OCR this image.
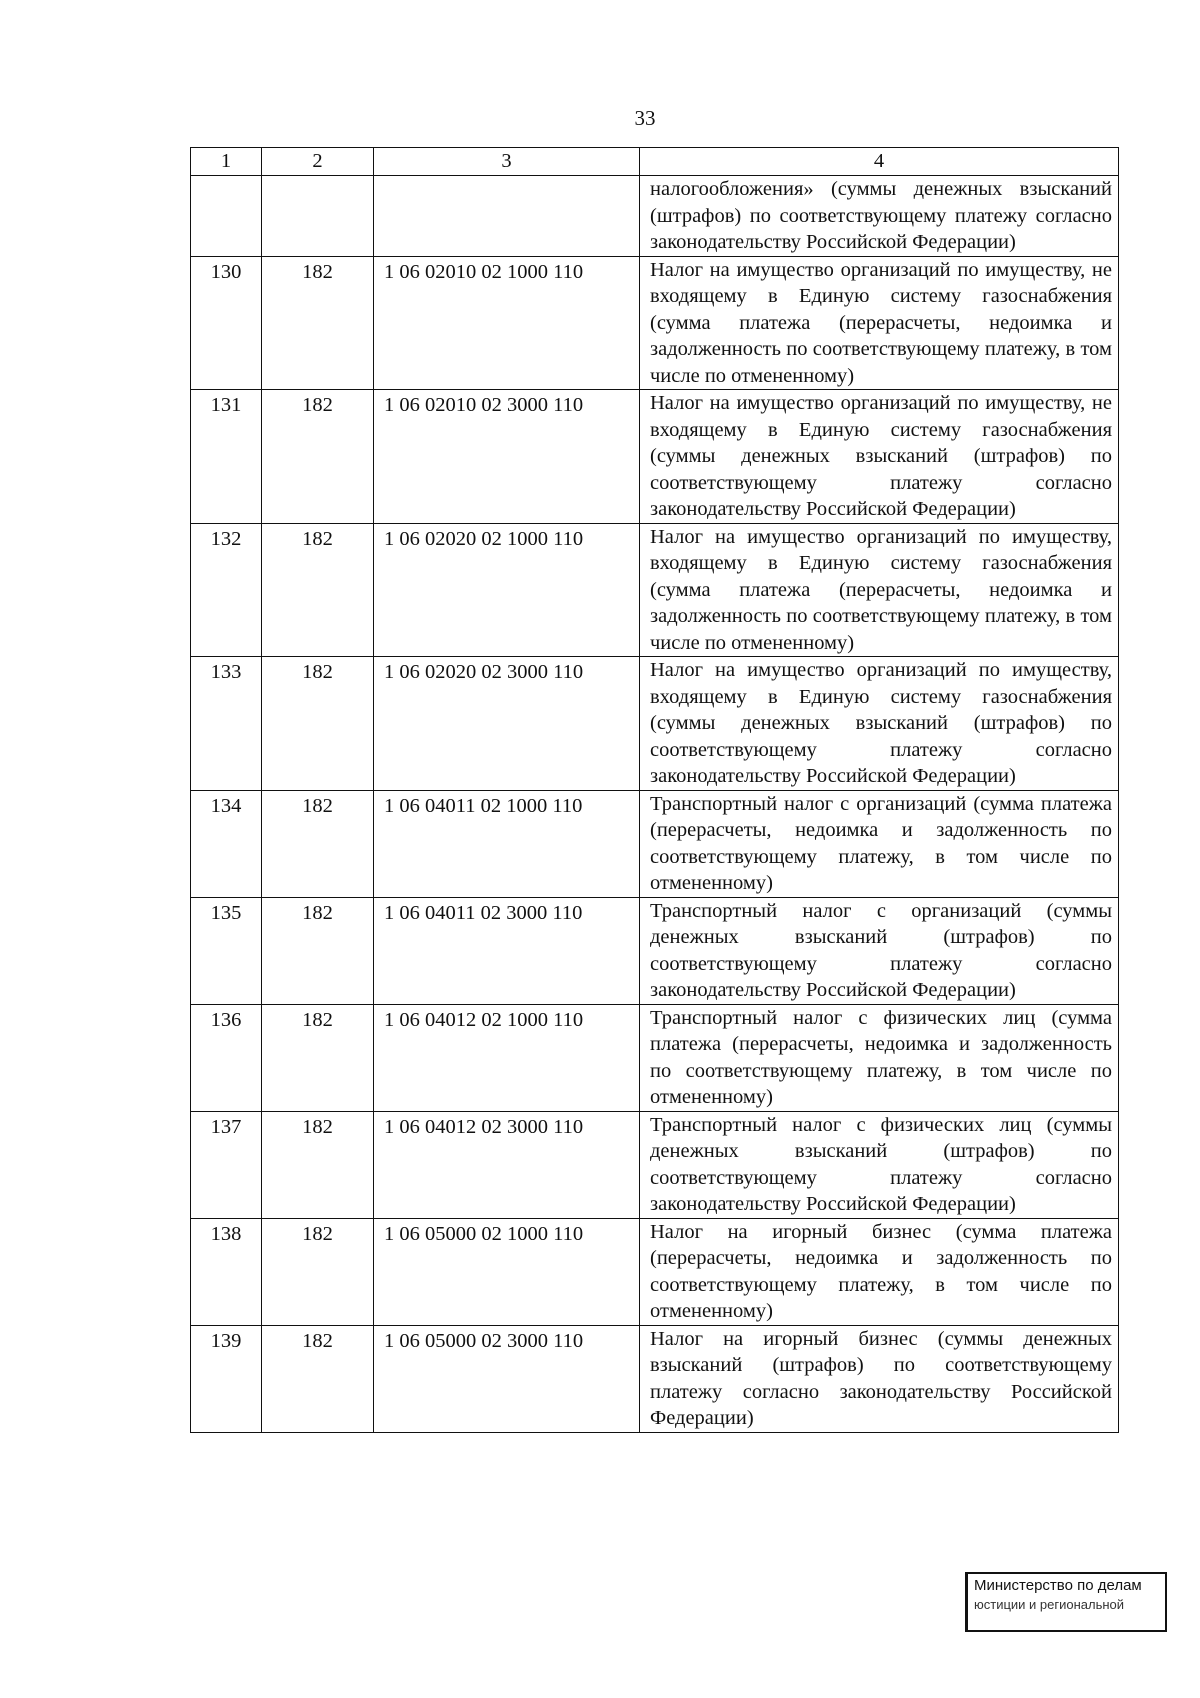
33
1	2	3	4
			налогообложения» (суммы денежных взысканий (штрафов) по соответствующему платежу согласно законодательству Российской Федерации)
130	182	1 06 02010 02 1000 110	Налог на имущество организаций по имуществу, не входящему в Единую систему газоснабжения (сумма платежа (перерасчеты, недоимка и задолженность по соответствующему платежу, в том числе по отмененному)
131	182	1 06 02010 02 3000 110	Налог на имущество организаций по имуществу, не входящему в Единую систему газоснабжения (суммы денежных взысканий (штрафов) по соответствующему платежу согласно законодательству Российской Федерации)
132	182	1 06 02020 02 1000 110	Налог на имущество организаций по имуществу, входящему в Единую систему газоснабжения (сумма платежа (перерасчеты, недоимка и задолженность по соответствующему платежу, в том числе по отмененному)
133	182	1 06 02020 02 3000 110	Налог на имущество организаций по имуществу, входящему в Единую систему газоснабжения (суммы денежных взысканий (штрафов) по соответствующему платежу согласно законодательству Российской Федерации)
134	182	1 06 04011 02 1000 110	Транспортный налог с организаций (сумма платежа (перерасчеты, недоимка и задолженность по соответствующему платежу, в том числе по отмененному)
135	182	1 06 04011 02 3000 110	Транспортный налог с организаций (суммы денежных взысканий (штрафов) по соответствующему платежу согласно законодательству Российской Федерации)
136	182	1 06 04012 02 1000 110	Транспортный налог с физических лиц (сумма платежа (перерасчеты, недоимка и задолженность по соответствующему платежу, в том числе по отмененному)
137	182	1 06 04012 02 3000 110	Транспортный налог с физических лиц (суммы денежных взысканий (штрафов) по соответствующему платежу согласно законодательству Российской Федерации)
138	182	1 06 05000 02 1000 110	Налог на игорный бизнес (сумма платежа (перерасчеты, недоимка и задолженность по соответствующему платежу, в том числе по отмененному)
139	182	1 06 05000 02 3000 110	Налог на игорный бизнес (суммы денежных взысканий (штрафов) по соответствующему платежу согласно законодательству Российской Федерации)
Министерство по делам
юстиции и региональной
